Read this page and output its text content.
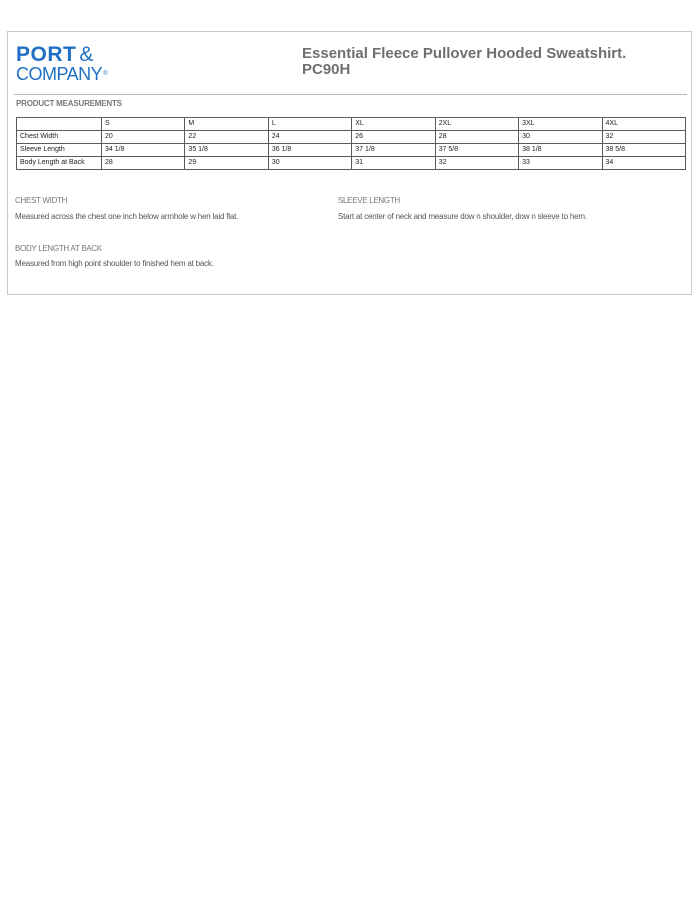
PORT &
COMPANY®
Essential Fleece Pullover Hooded Sweatshirt.
PC90H
PRODUCT MEASUREMENTS
	S	M	L	XL	2XL	3XL	4XL
Chest Width	20	22	24	26	28	30	32
Sleeve Length	34 1/8	35 1/8	36 1/8	37 1/8	37 5/8	38 1/8	38 5/8
Body Length at Back	28	29	30	31	32	33	34
CHEST WIDTH
Measured across the chest one inch below armhole w hen laid flat.
SLEEVE LENGTH
Start at center of neck and measure dow n shoulder, dow n sleeve to hem.
BODY LENGTH AT BACK
Measured from high point shoulder to finished hem at back.
